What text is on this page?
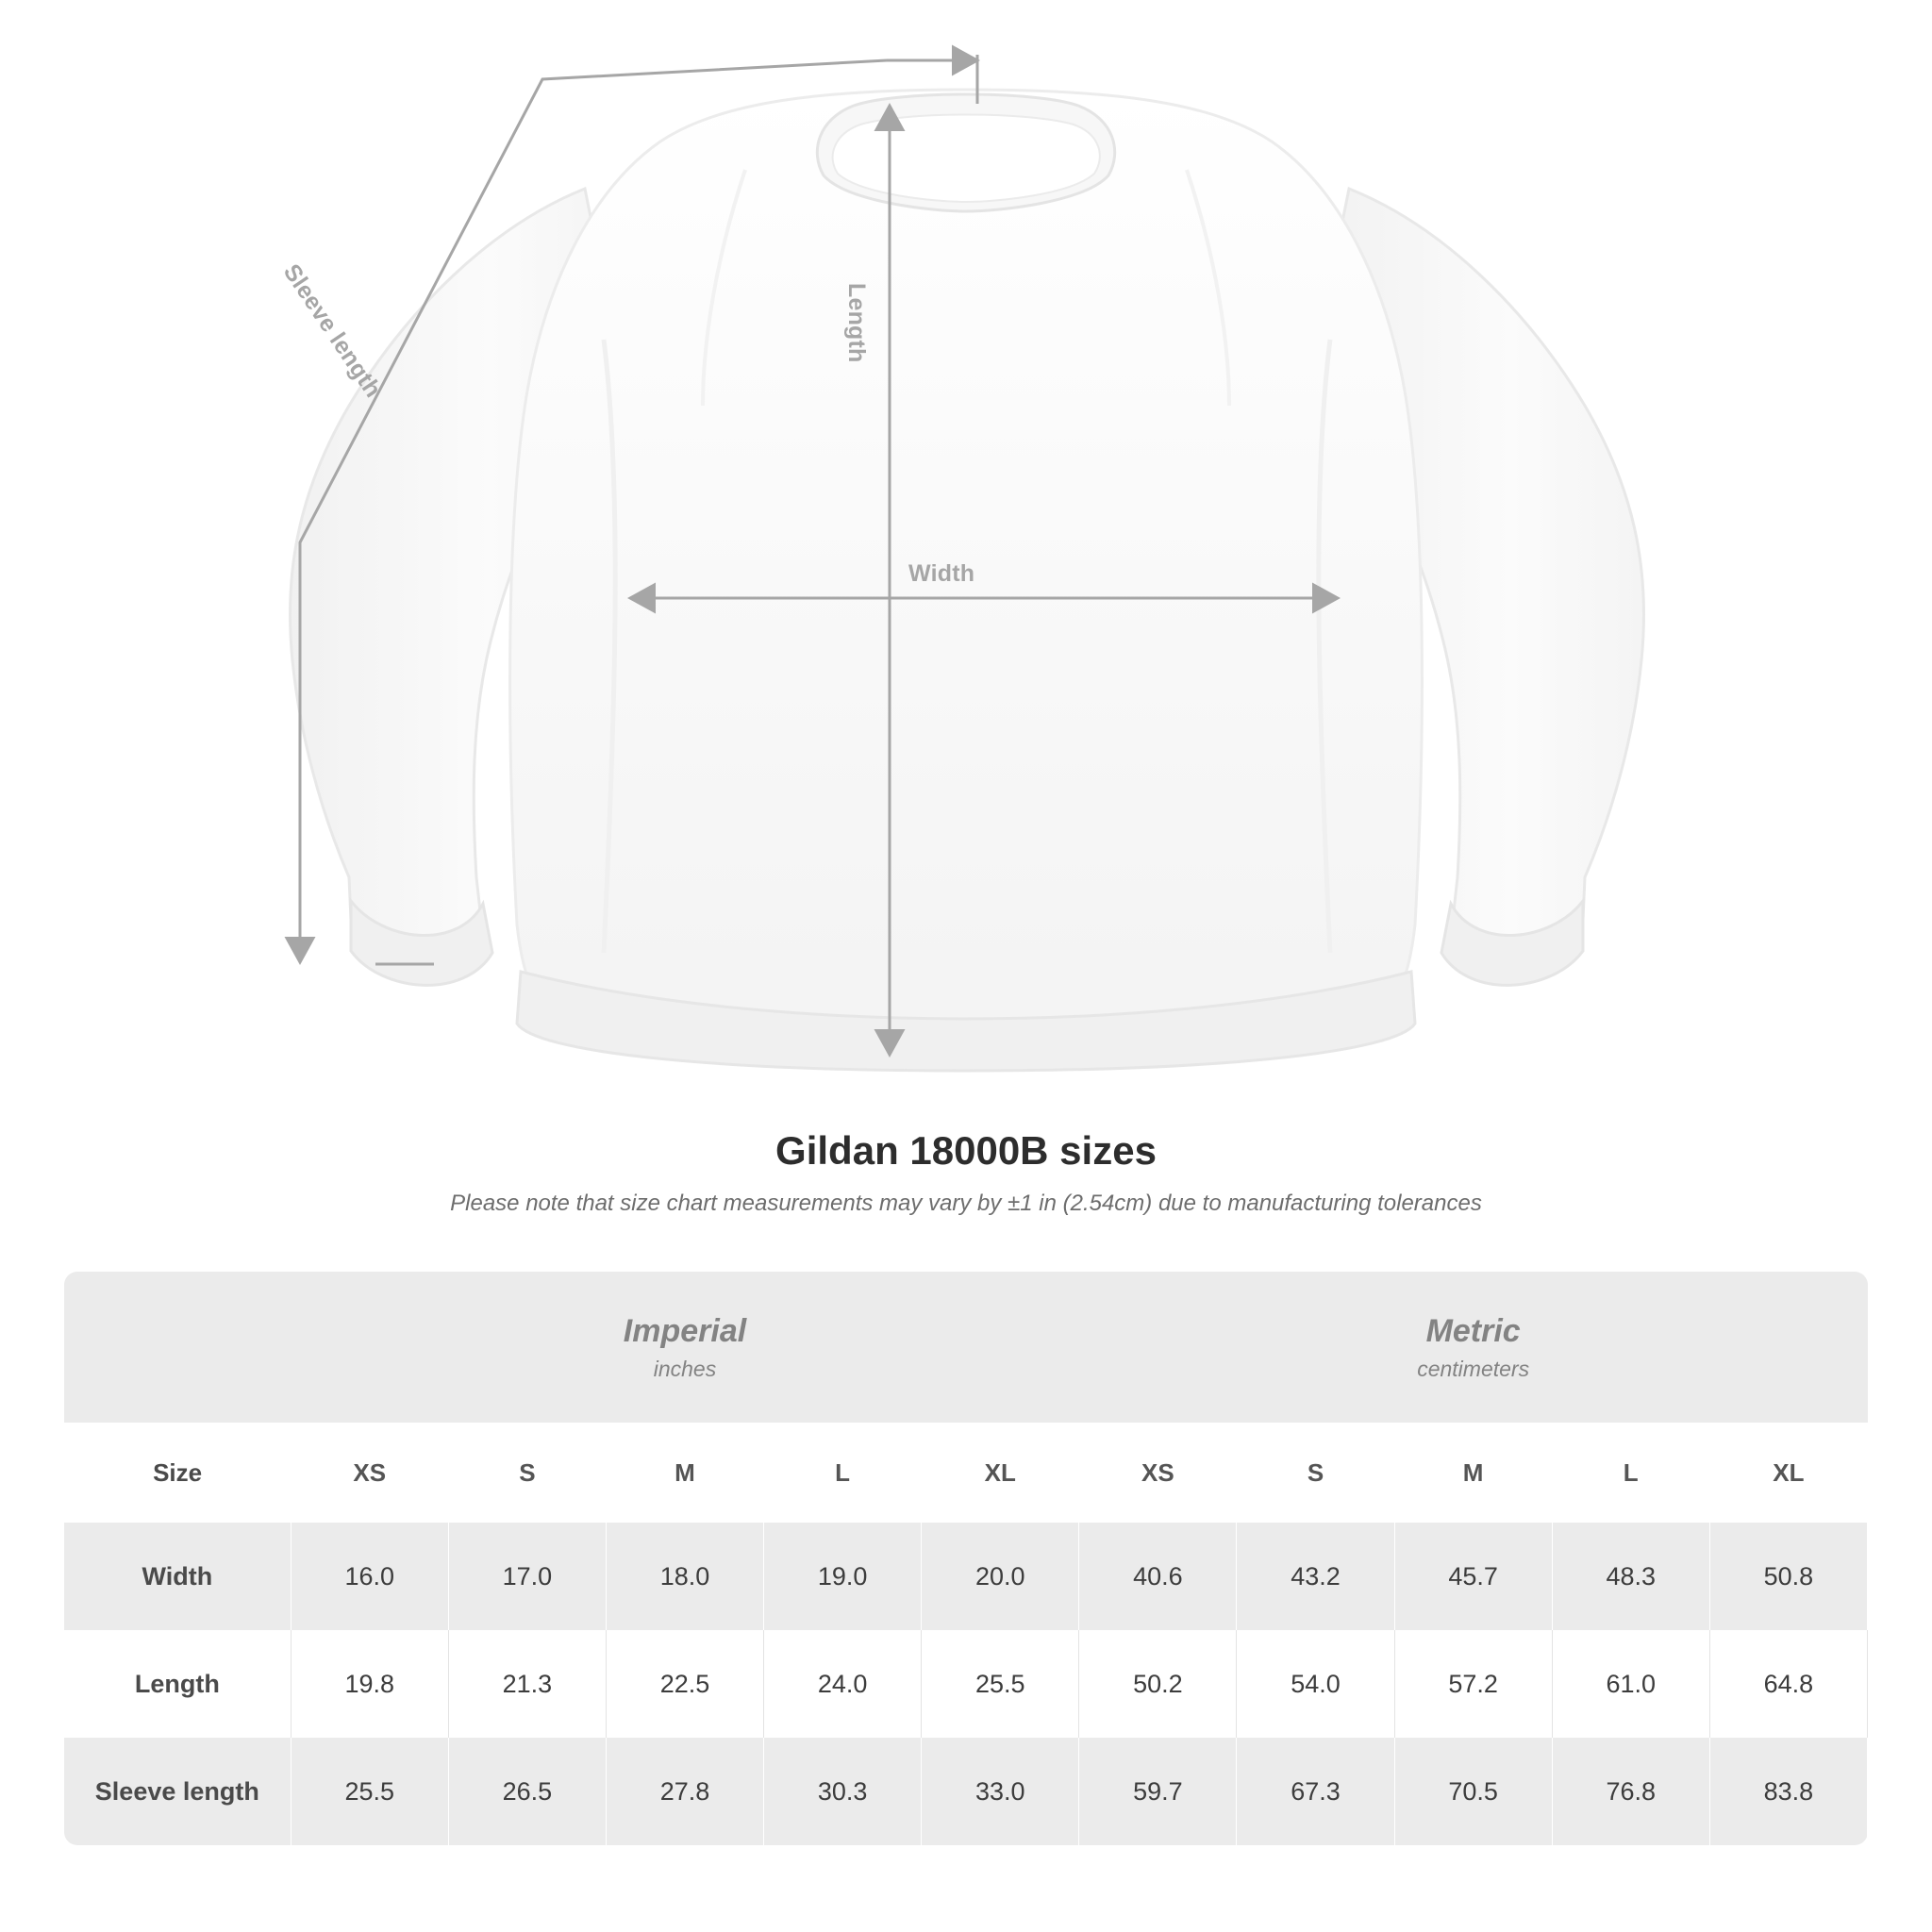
Width
Length
Sleeve length
Gildan 18000B sizes

Please note that size chart measurements may vary by ±1 in (2.54cm) due to manufacturing tolerances

Imperial
inches

Metric
centimeters

Size	XS	S	M	L	XL	XS	S	M	L	XL
Width	16.0	17.0	18.0	19.0	20.0	40.6	43.2	45.7	48.3	50.8
Length	19.8	21.3	22.5	24.0	25.5	50.2	54.0	57.2	61.0	64.8
Sleeve length	25.5	26.5	27.8	30.3	33.0	59.7	67.3	70.5	76.8	83.8
